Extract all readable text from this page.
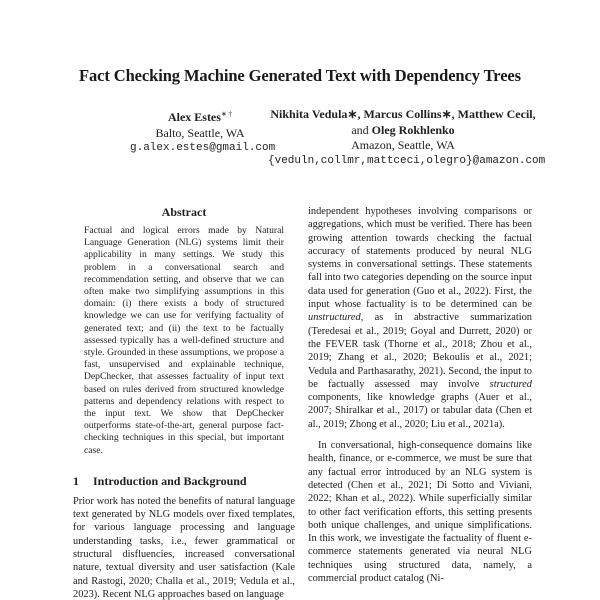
Fact Checking Machine Generated Text with Dependency Trees
Alex Estes∗ †
Balto, Seattle, WA
g.alex.estes@gmail.com
Nikhita Vedula∗, Marcus Collins∗, Matthew Cecil,
and Oleg Rokhlenko
Amazon, Seattle, WA
{veduln,collmr,mattceci,olegro}@amazon.com
Abstract

Factual and logical errors made by Natural Language Generation (NLG) systems limit their applicability in many settings. We study this problem in a conversational search and recommendation setting, and observe that we can often make two simplifying assumptions in this domain: (i) there exists a body of structured knowledge we can use for verifying factuality of generated text; and (ii) the text to be factually assessed typically has a well-defined structure and style. Grounded in these assumptions, we propose a fast, unsupervised and explainable technique, DepChecker, that assesses factuality of input text based on rules derived from structured knowledge patterns and dependency relations with respect to the input text. We show that DepChecker outperforms state-of-the-art, general purpose fact-checking techniques in this special, but important case.

1 Introduction and Background

Prior work has noted the benefits of natural language text generated by NLG models over fixed templates, for various language processing and language understanding tasks, i.e., fewer grammatical or structural disfluencies, increased conversational nature, textual diversity and user satisfaction (Kale and Rastogi, 2020; Challa et al., 2019; Vedula et al., 2023). Recent NLG approaches based on language

independent hypotheses involving comparisons or aggregations, which must be verified. There has been growing attention towards checking the factual accuracy of statements produced by neural NLG systems in conversational settings. These statements fall into two categories depending on the source input data used for generation (Guo et al., 2022). First, the input whose factuality is to be determined can be unstructured, as in abstractive summarization (Teredesai et al., 2019; Goyal and Durrett, 2020) or the FEVER task (Thorne et al., 2018; Zhou et al., 2019; Zhang et al., 2020; Bekoulis et al., 2021; Vedula and Parthasarathy, 2021). Second, the input to be factually assessed may involve structured components, like knowledge graphs (Auer et al., 2007; Shiralkar et al., 2017) or tabular data (Chen et al., 2019; Zhong et al., 2020; Liu et al., 2021a).

In conversational, high-consequence domains like health, finance, or e-commerce, we must be sure that any factual error introduced by an NLG system is detected (Chen et al., 2021; Di Sotto and Viviani, 2022; Khan et al., 2022). While superficially similar to other fact verification efforts, this setting presents both unique challenges, and unique simplifications. In this work, we investigate the factuality of fluent e-commerce statements generated via neural NLG techniques using structured data, namely, a commercial product catalog (Ni-
